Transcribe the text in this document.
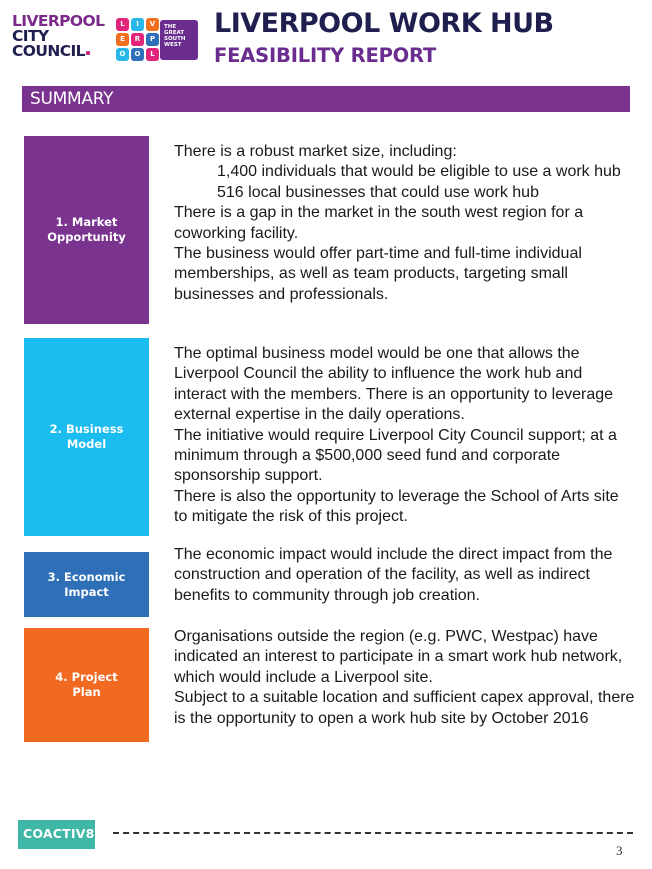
LIVERPOOL
CITY
COUNCIL
L	I	V
E	R	P
O	O	L
THE GREAT SOUTH WEST
LIVERPOOL WORK HUB
FEASIBILITY REPORT
SUMMARY
1. Market
Opportunity

There is a robust market size, including:

1,400 individuals that would be eligible to use a work hub

516 local businesses that could use work hub

There is a gap in the market in the south west region for a coworking facility.

The business would offer part-time and full-time individual memberships, as well as team products, targeting small businesses and professionals.

2. Business
Model

The optimal business model would be one that allows the Liverpool Council the ability to influence the work hub and interact with the members. There is an opportunity to leverage external expertise in the daily operations.

The initiative would require Liverpool City Council support; at a minimum through a $500,000 seed fund and corporate sponsorship support.

There is also the opportunity to leverage the School of Arts site to mitigate the risk of this project.

3. Economic
Impact

The economic impact would include the direct impact from the construction and operation of the facility, as well as indirect benefits to community through job creation.

4. Project
Plan

Organisations outside the region (e.g. PWC, Westpac) have indicated an interest to participate in a smart work hub network, which would include a Liverpool site.

Subject to a suitable location and sufficient capex approval, there is the opportunity to open a work hub site by October 2016

COACTIV8
3
